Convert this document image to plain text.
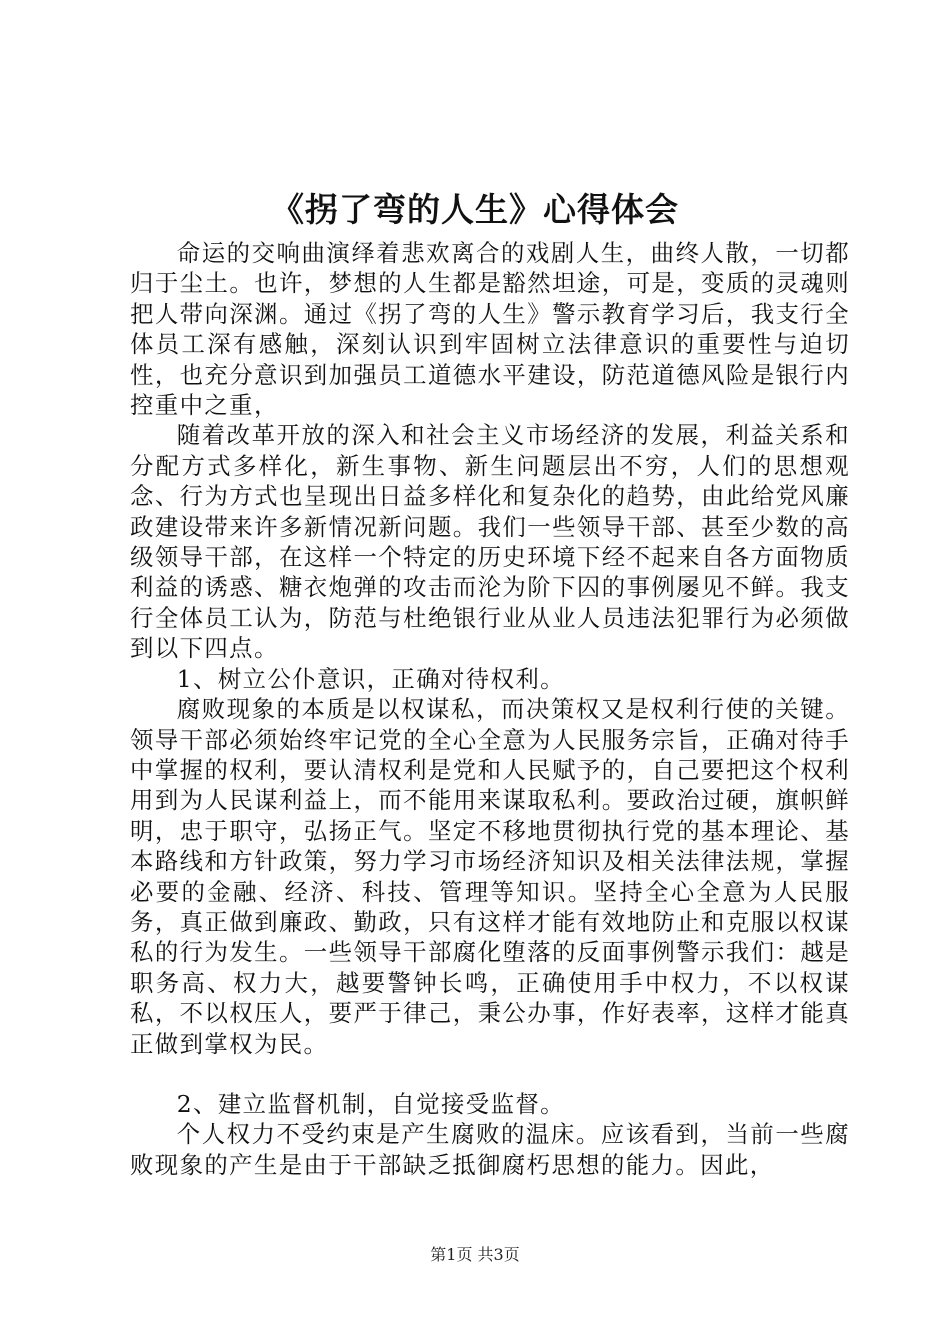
《拐了弯的人生》心得体会

命运的交响曲演绎着悲欢离合的戏剧人生，曲终人散，一切都归于尘土。也许，梦想的人生都是豁然坦途，可是，变质的灵魂则把人带向深渊。通过《拐了弯的人生》警示教育学习后，我支行全体员工深有感触，深刻认识到牢固树立法律意识的重要性与迫切性，也充分意识到加强员工道德水平建设，防范道德风险是银行内控重中之重，

随着改革开放的深入和社会主义市场经济的发展，利益关系和分配方式多样化，新生事物、新生问题层出不穷，人们的思想观念、行为方式也呈现出日益多样化和复杂化的趋势，由此给党风廉政建设带来许多新情况新问题。我们一些领导干部、甚至少数的高级领导干部，在这样一个特定的历史环境下经不起来自各方面物质利益的诱惑、糖衣炮弹的攻击而沦为阶下囚的事例屡见不鲜。我支行全体员工认为，防范与杜绝银行业从业人员违法犯罪行为必须做到以下四点。

1、树立公仆意识，正确对待权利。

腐败现象的本质是以权谋私，而决策权又是权利行使的关键。领导干部必须始终牢记党的全心全意为人民服务宗旨，正确对待手中掌握的权利，要认清权利是党和人民赋予的，自己要把这个权利用到为人民谋利益上，而不能用来谋取私利。要政治过硬，旗帜鲜明，忠于职守，弘扬正气。坚定不移地贯彻执行党的基本理论、基本路线和方针政策，努力学习市场经济知识及相关法律法规，掌握必要的金融、经济、科技、管理等知识。坚持全心全意为人民服务，真正做到廉政、勤政，只有这样才能有效地防止和克服以权谋私的行为发生。一些领导干部腐化堕落的反面事例警示我们：越是职务高、权力大，越要警钟长鸣，正确使用手中权力，不以权谋私，不以权压人，要严于律己，秉公办事，作好表率，这样才能真正做到掌权为民。

2、建立监督机制，自觉接受监督。

个人权力不受约束是产生腐败的温床。应该看到，当前一些腐败现象的产生是由于干部缺乏抵御腐朽思想的能力。因此，

第1页 共3页
